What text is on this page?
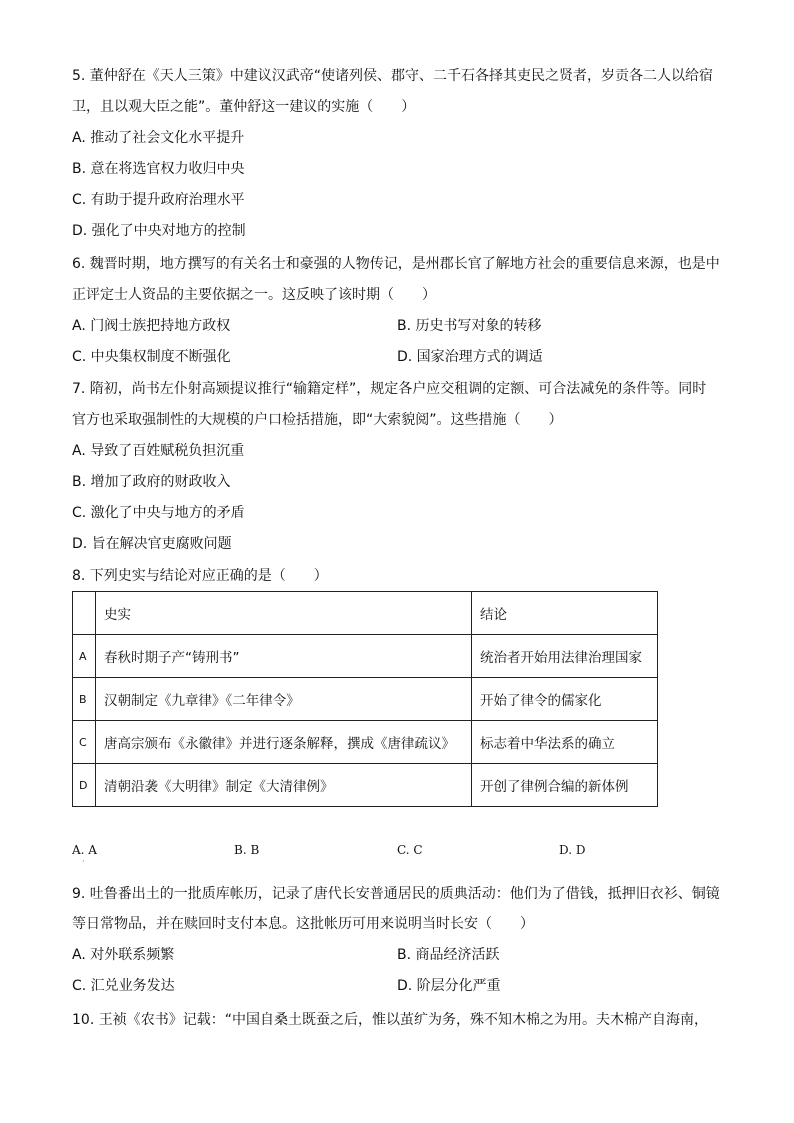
5. 董仲舒在《天人三策》中建议汉武帝“使诸列侯、郡守、二千石各择其吏民之贤者，岁贡各二人以给宿
卫，且以观大臣之能”。董仲舒这一建议的实施（　　）
A. 推动了社会文化水平提升
B. 意在将选官权力收归中央
C. 有助于提升政府治理水平
D. 强化了中央对地方的控制
6. 魏晋时期，地方撰写的有关名士和豪强的人物传记，是州郡长官了解地方社会的重要信息来源，也是中
正评定士人资品的主要依据之一。这反映了该时期（　　）
A. 门阀士族把持地方政权	B. 历史书写对象的转移
C. 中央集权制度不断强化	D. 国家治理方式的调适
7. 隋初，尚书左仆射高颎提议推行“输籍定样”，规定各户应交租调的定额、可合法减免的条件等。同时
官方也采取强制性的大规模的户口检括措施，即“大索貌阅”。这些措施（　　）
A. 导致了百姓赋税负担沉重
B. 增加了政府的财政收入
C. 激化了中央与地方的矛盾
D. 旨在解决官吏腐败问题
8. 下列史实与结论对应正确的是（　　）
	史实	结论
A	春秋时期子产“铸刑书”	统治者开始用法律治理国家
B	汉朝制定《九章律》《二年律令》	开始了律令的儒家化
C	唐高宗颁布《永徽律》并进行逐条解释，撰成《唐律疏议》	标志着中华法系的确立
D	清朝沿袭《大明律》制定《大清律例》	开创了律例合编的新体例
A. A	B. B	C. C	D. D
·
9. 吐鲁番出土的一批质库帐历，记录了唐代长安普通居民的质典活动：他们为了借钱，抵押旧衣衫、铜镜
等日常物品，并在赎回时支付本息。这批帐历可用来说明当时长安（　　）
A. 对外联系频繁	B. 商品经济活跃
C. 汇兑业务发达	D. 阶层分化严重
10. 王祯《农书》记载：“中国自桑土既蚕之后，惟以茧纩为务，殊不知木棉之为用。夫木棉产自海南，
